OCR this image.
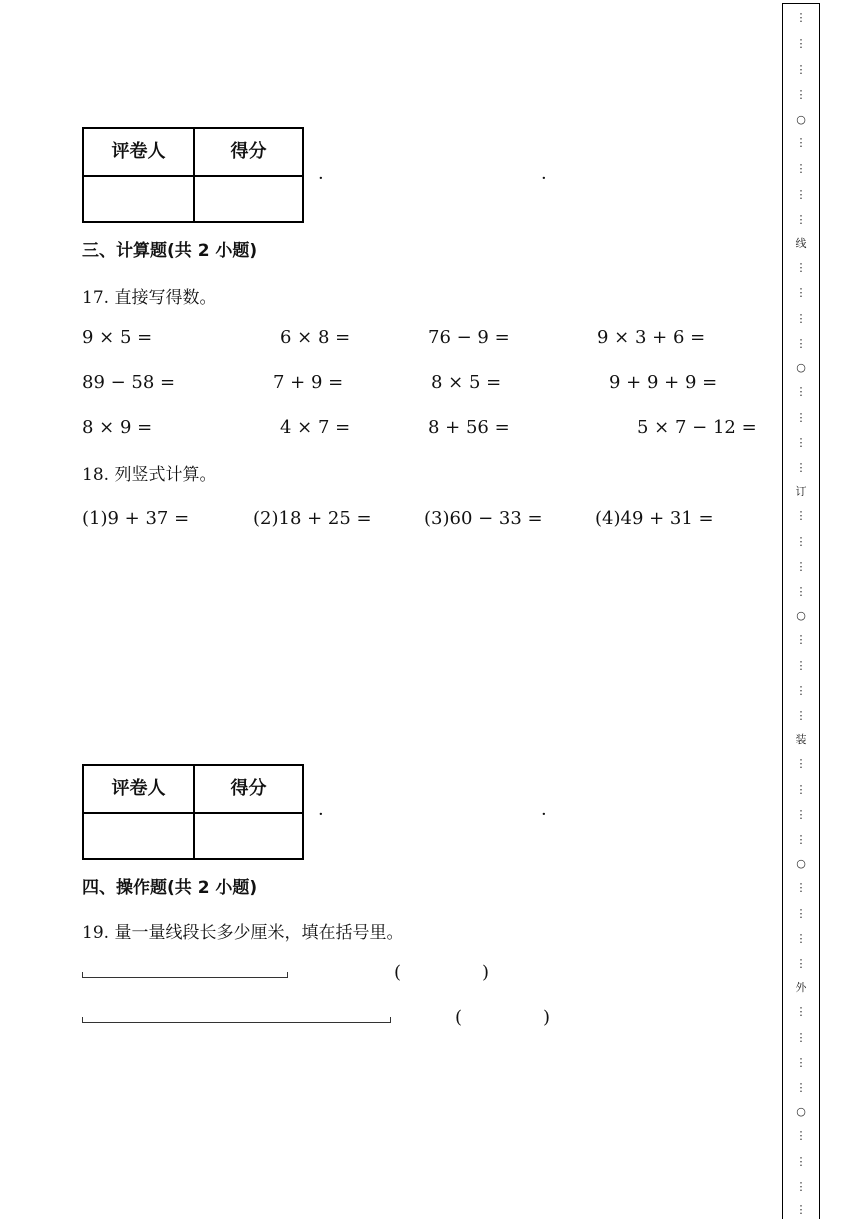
评卷人	得分
·	·
三、计算题(共 2 小题)
17. 直接写得数。
9 × 5 =	6 × 8 =	76 − 9 =	9 × 3 + 6 =
89 − 58 =	7 + 9 =	8 × 5 =	9 + 9 + 9 =
8 × 9 =	4 × 7 =	8 + 56 =	5 × 7 − 12 =
18. 列竖式计算。
(1)9 + 37 =	(2)18 + 25 =	(3)60 − 33 =	(4)49 + 31 =
评卷人	得分
·	·
四、操作题(共 2 小题)
19. 量一量线段长多少厘米，填在括号里。
(	)
(	)
⋮
⋮
⋮
⋮
○
⋮
⋮
⋮
⋮
线
⋮
⋮
⋮
⋮
○
⋮
⋮
⋮
⋮
订
⋮
⋮
⋮
⋮
○
⋮
⋮
⋮
⋮
装
⋮
⋮
⋮
⋮
○
⋮
⋮
⋮
⋮
外
⋮
⋮
⋮
⋮
○
⋮
⋮
⋮
⋮
